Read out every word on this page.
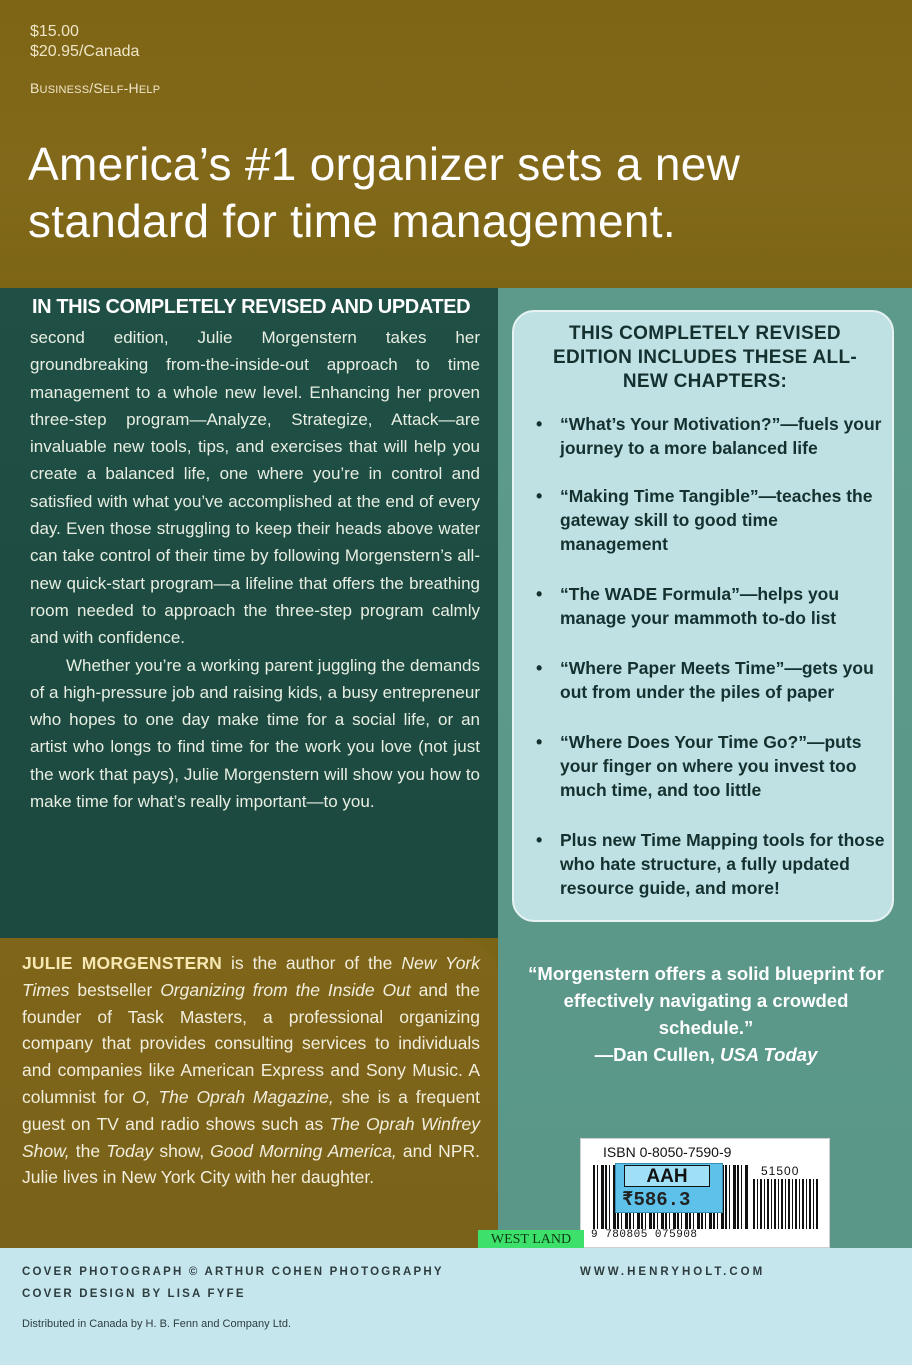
$15.00
$20.95/Canada
BUSINESS/SELF-HELP
America’s #1 organizer sets a new standard for time management.
IN THIS COMPLETELY REVISED AND UPDATED

second edition, Julie Morgenstern takes her groundbreaking from-the-inside-out approach to time management to a whole new level. Enhancing her proven three-step program—Analyze, Strategize, Attack—are invaluable new tools, tips, and exercises that will help you create a balanced life, one where you’re in control and satisfied with what you’ve accomplished at the end of every day. Even those struggling to keep their heads above water can take control of their time by following Morgenstern’s all-new quick-start program—a lifeline that offers the breathing room needed to approach the three-step program calmly and with confidence.

Whether you’re a working parent juggling the demands of a high-pressure job and raising kids, a busy entrepreneur who hopes to one day make time for a social life, or an artist who longs to find time for the work you love (not just the work that pays), Julie Morgenstern will show you how to make time for what’s really important—to you.

THIS COMPLETELY REVISED EDITION INCLUDES THESE ALL-NEW CHAPTERS:
• “What’s Your Motivation?”—fuels your journey to a more balanced life
• “Making Time Tangible”—teaches the gateway skill to good time management
• “The WADE Formula”—helps you manage your mammoth to-do list
• “Where Paper Meets Time”—gets you out from under the piles of paper
• “Where Does Your Time Go?”—puts your finger on where you invest too much time, and too little
• Plus new Time Mapping tools for those who hate structure, a fully updated resource guide, and more!
“Morgenstern offers a solid blueprint for effectively navigating a crowded schedule.”
—Dan Cullen, USA Today
JULIE MORGENSTERN is the author of the New York Times bestseller Organizing from the Inside Out and the founder of Task Masters, a professional organizing company that provides consulting services to individuals and companies like American Express and Sony Music. A columnist for O, The Oprah Magazine, she is a frequent guest on TV and radio shows such as The Oprah Winfrey Show, the Today show, Good Morning America, and NPR. Julie lives in New York City with her daughter.
ISBN 0-8050-7590-9
51500
9 780805 075908
AAH
₹586.3
WEST LAND
COVER PHOTOGRAPH © ARTHUR COHEN PHOTOGRAPHY
COVER DESIGN BY LISA FYFE
WWW.HENRYHOLT.COM
Distributed in Canada by H. B. Fenn and Company Ltd.
